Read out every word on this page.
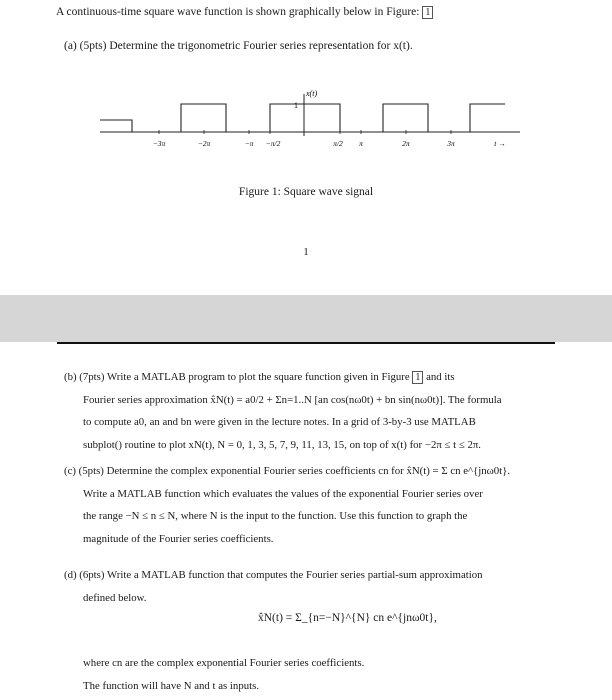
A continuous-time square wave function is shown graphically below in Figure: 1
(a) (5pts) Determine the trigonometric Fourier series representation for x(t).
x(t)
1
−3π	−2π	−π −π/2	π/2 π	2π	3π	t →
Figure 1: Square wave signal
1
(b) (7pts) Write a MATLAB program to plot the square function given in Figure 1 and its
Fourier series approximation x̂N(t) = a0/2 + Σn=1..N [an cos(nω0t) + bn sin(nω0t)]. The formula
to compute a0, an and bn were given in the lecture notes. In a grid of 3-by-3 use MATLAB
subplot() routine to plot xN(t), N = 0, 1, 3, 5, 7, 9, 11, 13, 15, on top of x(t) for −2π ≤ t ≤ 2π.
(c) (5pts) Determine the complex exponential Fourier series coefficients cn for x̂N(t) = Σ cn e^{jnω0t}.
Write a MATLAB function which evaluates the values of the exponential Fourier series over
the range −N ≤ n ≤ N, where N is the input to the function. Use this function to graph the
magnitude of the Fourier series coefficients.
(d) (6pts) Write a MATLAB function that computes the Fourier series partial-sum approximation
defined below.
x̂N(t) = Σ_{n=−N}^{N} cn e^{jnω0t},
where cn are the complex exponential Fourier series coefficients.
The function will have N and t as inputs.
